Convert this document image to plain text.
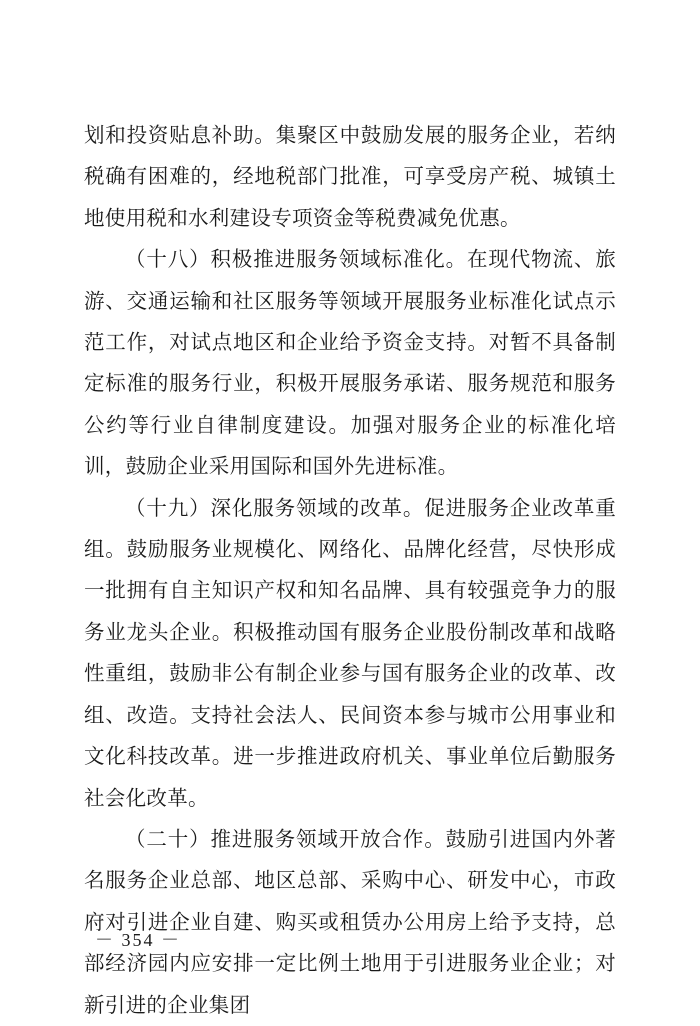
划和投资贴息补助。集聚区中鼓励发展的服务企业，若纳税确有困难的，经地税部门批准，可享受房产税、城镇土地使用税和水利建设专项资金等税费减免优惠。

（十八）积极推进服务领域标准化。在现代物流、旅游、交通运输和社区服务等领域开展服务业标准化试点示范工作，对试点地区和企业给予资金支持。对暂不具备制定标准的服务行业，积极开展服务承诺、服务规范和服务公约等行业自律制度建设。加强对服务企业的标准化培训，鼓励企业采用国际和国外先进标准。

（十九）深化服务领域的改革。促进服务企业改革重组。鼓励服务业规模化、网络化、品牌化经营，尽快形成一批拥有自主知识产权和知名品牌、具有较强竞争力的服务业龙头企业。积极推动国有服务企业股份制改革和战略性重组，鼓励非公有制企业参与国有服务企业的改革、改组、改造。支持社会法人、民间资本参与城市公用事业和文化科技改革。进一步推进政府机关、事业单位后勤服务社会化改革。

（二十）推进服务领域开放合作。鼓励引进国内外著名服务企业总部、地区总部、采购中心、研发中心，市政府对引进企业自建、购买或租赁办公用房上给予支持，总部经济园内应安排一定比例土地用于引进服务业企业；对新引进的企业集团

－ 354 －
